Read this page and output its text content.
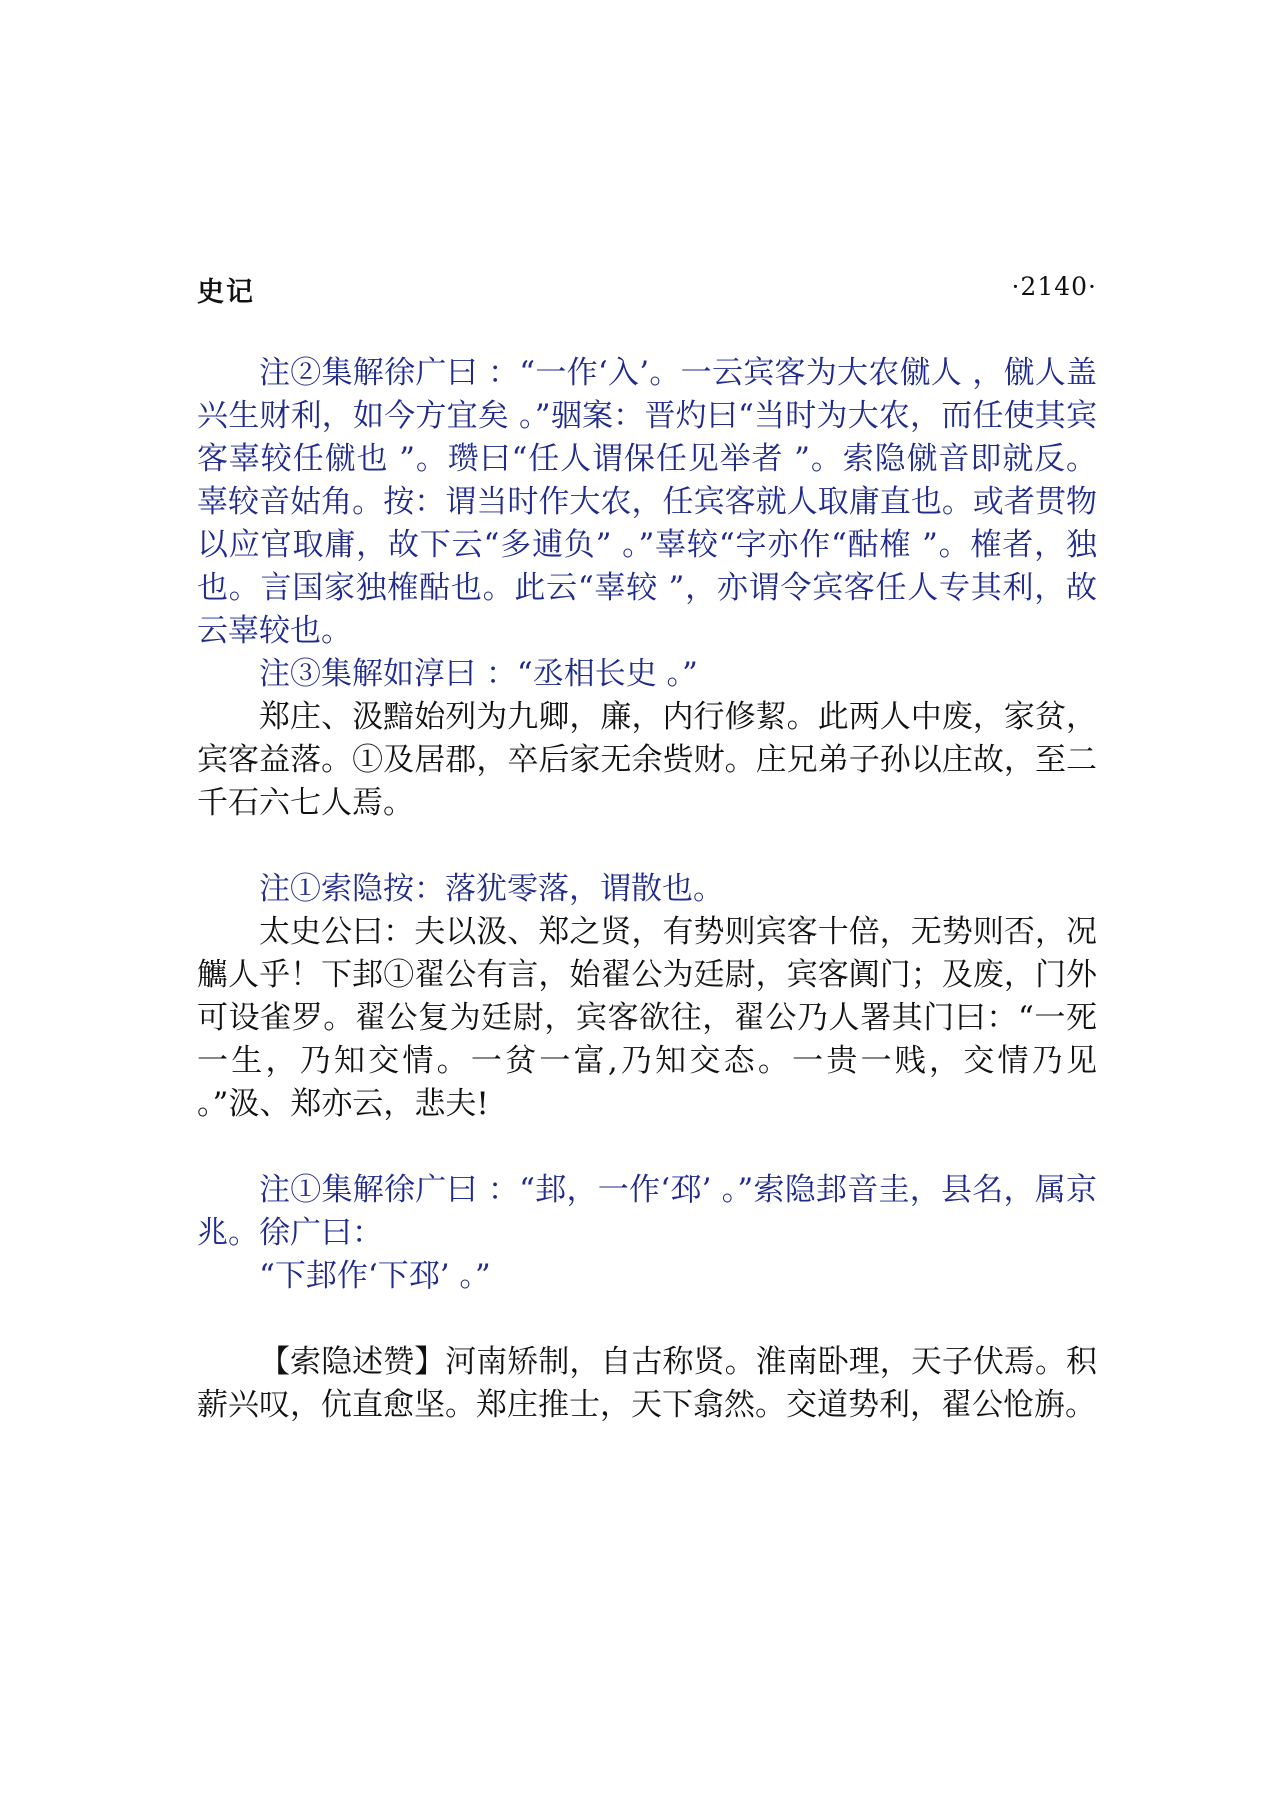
史记	·2140·

注②集解徐广曰 ：“一作‘入’。一云宾客为大农僦人 ，僦人盖兴生财利，如今方宜矣 。”骃案：晋灼曰“当时为大农，而任使其宾客辜较任僦也 ”。瓒曰“任人谓保任见举者 ”。索隐僦音即就反。辜较音姑角。按：谓当时作大农，任宾客就人取庸直也。或者贯物以应官取庸，故下云“多逋负” 。”辜较“字亦作“酤榷 ”。榷者，独也。言国家独榷酤也。此云“辜较 ”，亦谓令宾客任人专其利，故云辜较也。

注③集解如淳曰 ：“丞相长史 。”

郑庄、汲黯始列为九卿，廉，内行修絜。此两人中废，家贫，宾客益落。①及居郡，卒后家无余赀财。庄兄弟子孙以庄故，至二千石六七人焉。

注①索隐按：落犹零落，谓散也。

太史公曰：夫以汲、郑之贤，有势则宾客十倍，无势则否，况觽人乎！下邽①翟公有言，始翟公为廷尉，宾客阗门；及废，门外可设雀罗。翟公复为廷尉，宾客欲往，翟公乃人署其门曰：“一死一生，乃知交情。一贫一富,乃知交态。一贵一贱，交情乃见 。”汲、郑亦云，悲夫!

注①集解徐广曰 ：“邽，一作‘邳’ 。”索隐邽音圭，县名，属京兆。徐广曰：

“下邽作‘下邳’ 。”

【索隐述赞】河南矫制，自古称贤。淮南卧理，天子伏焉。积薪兴叹，伉直愈坚。郑庄推士，天下翕然。交道势利，翟公怆旃。
